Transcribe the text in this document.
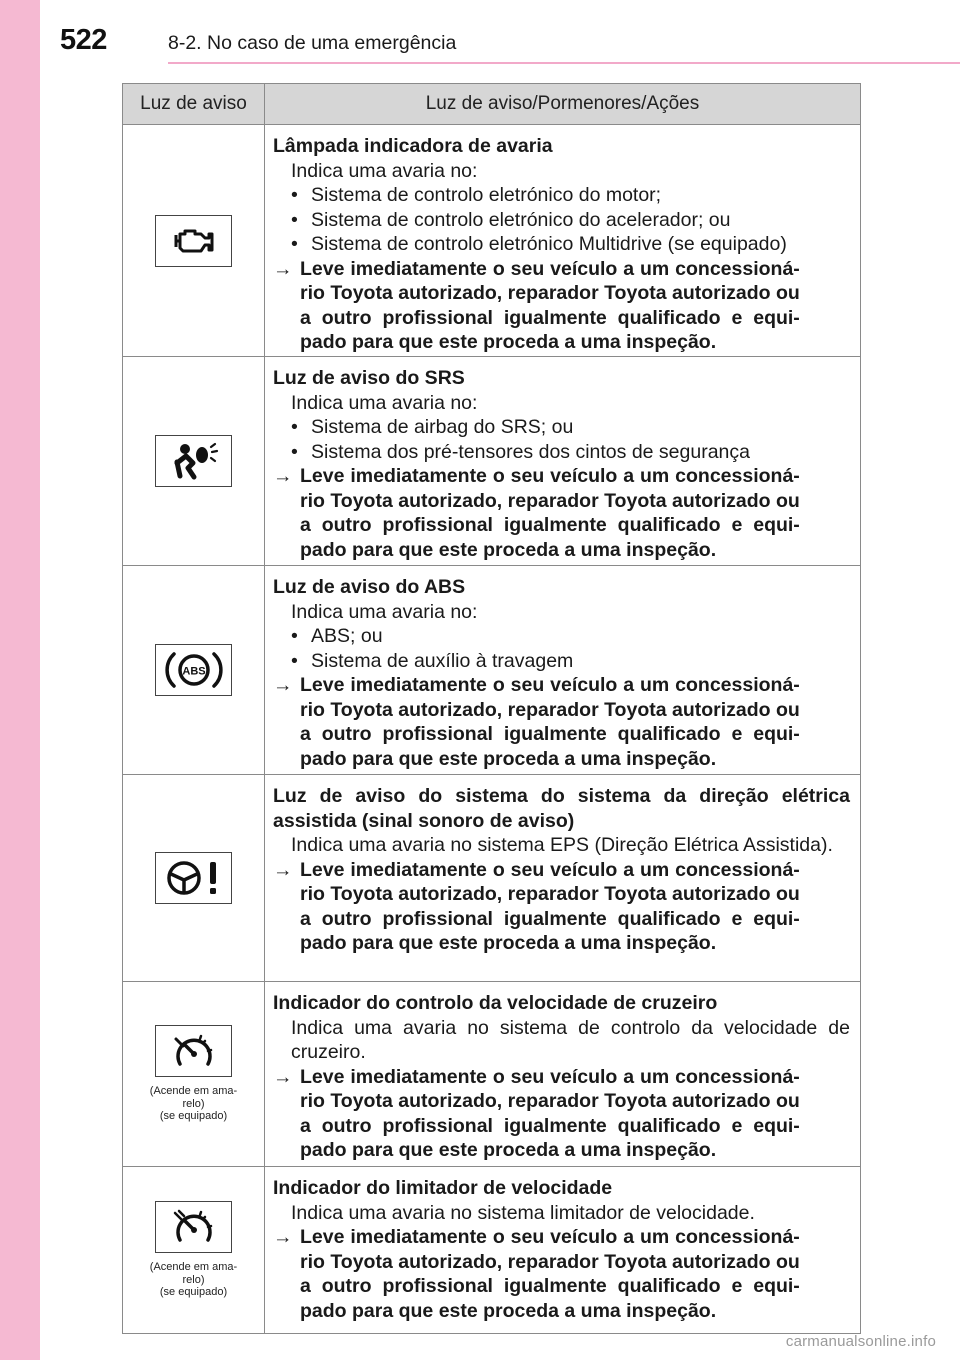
522	8-2. No caso de uma emergência
Luz de aviso	Luz de aviso/Pormenores/Ações
Lâmpada indicadora de avaria
Indica uma avaria no:
• Sistema de controlo eletrónico do motor;
• Sistema de controlo eletrónico do acelerador; ou
• Sistema de controlo eletrónico Multidrive (se equipado)
→ Leve imediatamente o seu veículo a um concessioná-
rio Toyota autorizado, reparador Toyota autorizado ou
a outro profissional igualmente qualificado e equi-
pado para que este proceda a uma inspeção.
Luz de aviso do SRS
Indica uma avaria no:
• Sistema de airbag do SRS; ou
• Sistema dos pré-tensores dos cintos de segurança
→ Leve imediatamente o seu veículo a um concessioná-
rio Toyota autorizado, reparador Toyota autorizado ou
a outro profissional igualmente qualificado e equi-
pado para que este proceda a uma inspeção.
ABS
Luz de aviso do ABS
Indica uma avaria no:
• ABS; ou
• Sistema de auxílio à travagem
→ Leve imediatamente o seu veículo a um concessioná-
rio Toyota autorizado, reparador Toyota autorizado ou
a outro profissional igualmente qualificado e equi-
pado para que este proceda a uma inspeção.
Luz de aviso do sistema do sistema da direção elétrica assistida (sinal sonoro de aviso)
Indica uma avaria no sistema EPS (Direção Elétrica Assistida).
→ Leve imediatamente o seu veículo a um concessioná-
rio Toyota autorizado, reparador Toyota autorizado ou
a outro profissional igualmente qualificado e equi-
pado para que este proceda a uma inspeção.
(Acende em ama-
relo)
(se equipado)
Indicador do controlo da velocidade de cruzeiro
Indica uma avaria no sistema de controlo da velocidade de cruzeiro.
→ Leve imediatamente o seu veículo a um concessioná-
rio Toyota autorizado, reparador Toyota autorizado ou
a outro profissional igualmente qualificado e equi-
pado para que este proceda a uma inspeção.
(Acende em ama-
relo)
(se equipado)
Indicador do limitador de velocidade
Indica uma avaria no sistema limitador de velocidade.
→ Leve imediatamente o seu veículo a um concessioná-
rio Toyota autorizado, reparador Toyota autorizado ou
a outro profissional igualmente qualificado e equi-
pado para que este proceda a uma inspeção.
carmanualsonline.info
